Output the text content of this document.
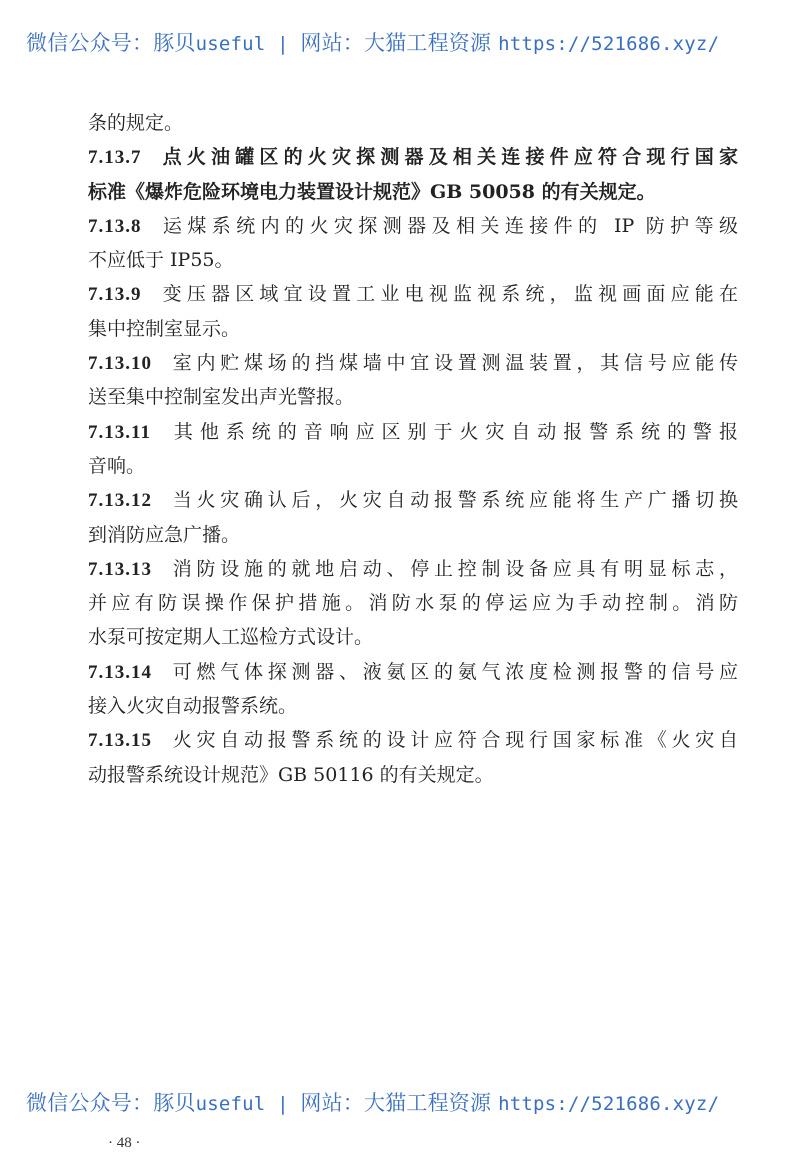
微信公众号：豚贝useful | 网站：大猫工程资源 https://521686.xyz/
条的规定。
7.13.7 点火油罐区的火灾探测器及相关连接件应符合现行国家
标准《爆炸危险环境电力装置设计规范》GB 50058 的有关规定。
7.13.8 运煤系统内的火灾探测器及相关连接件的 IP 防护等级
不应低于 IP55。
7.13.9 变压器区域宜设置工业电视监视系统，监视画面应能在
集中控制室显示。
7.13.10 室内贮煤场的挡煤墙中宜设置测温装置，其信号应能传
送至集中控制室发出声光警报。
7.13.11 其他系统的音响应区别于火灾自动报警系统的警报
音响。
7.13.12 当火灾确认后，火灾自动报警系统应能将生产广播切换
到消防应急广播。
7.13.13 消防设施的就地启动、停止控制设备应具有明显标志，
并应有防误操作保护措施。消防水泵的停运应为手动控制。消防
水泵可按定期人工巡检方式设计。
7.13.14 可燃气体探测器、液氨区的氨气浓度检测报警的信号应
接入火灾自动报警系统。
7.13.15 火灾自动报警系统的设计应符合现行国家标准《火灾自
动报警系统设计规范》GB 50116 的有关规定。
微信公众号：豚贝useful | 网站：大猫工程资源 https://521686.xyz/
· 48 ·
